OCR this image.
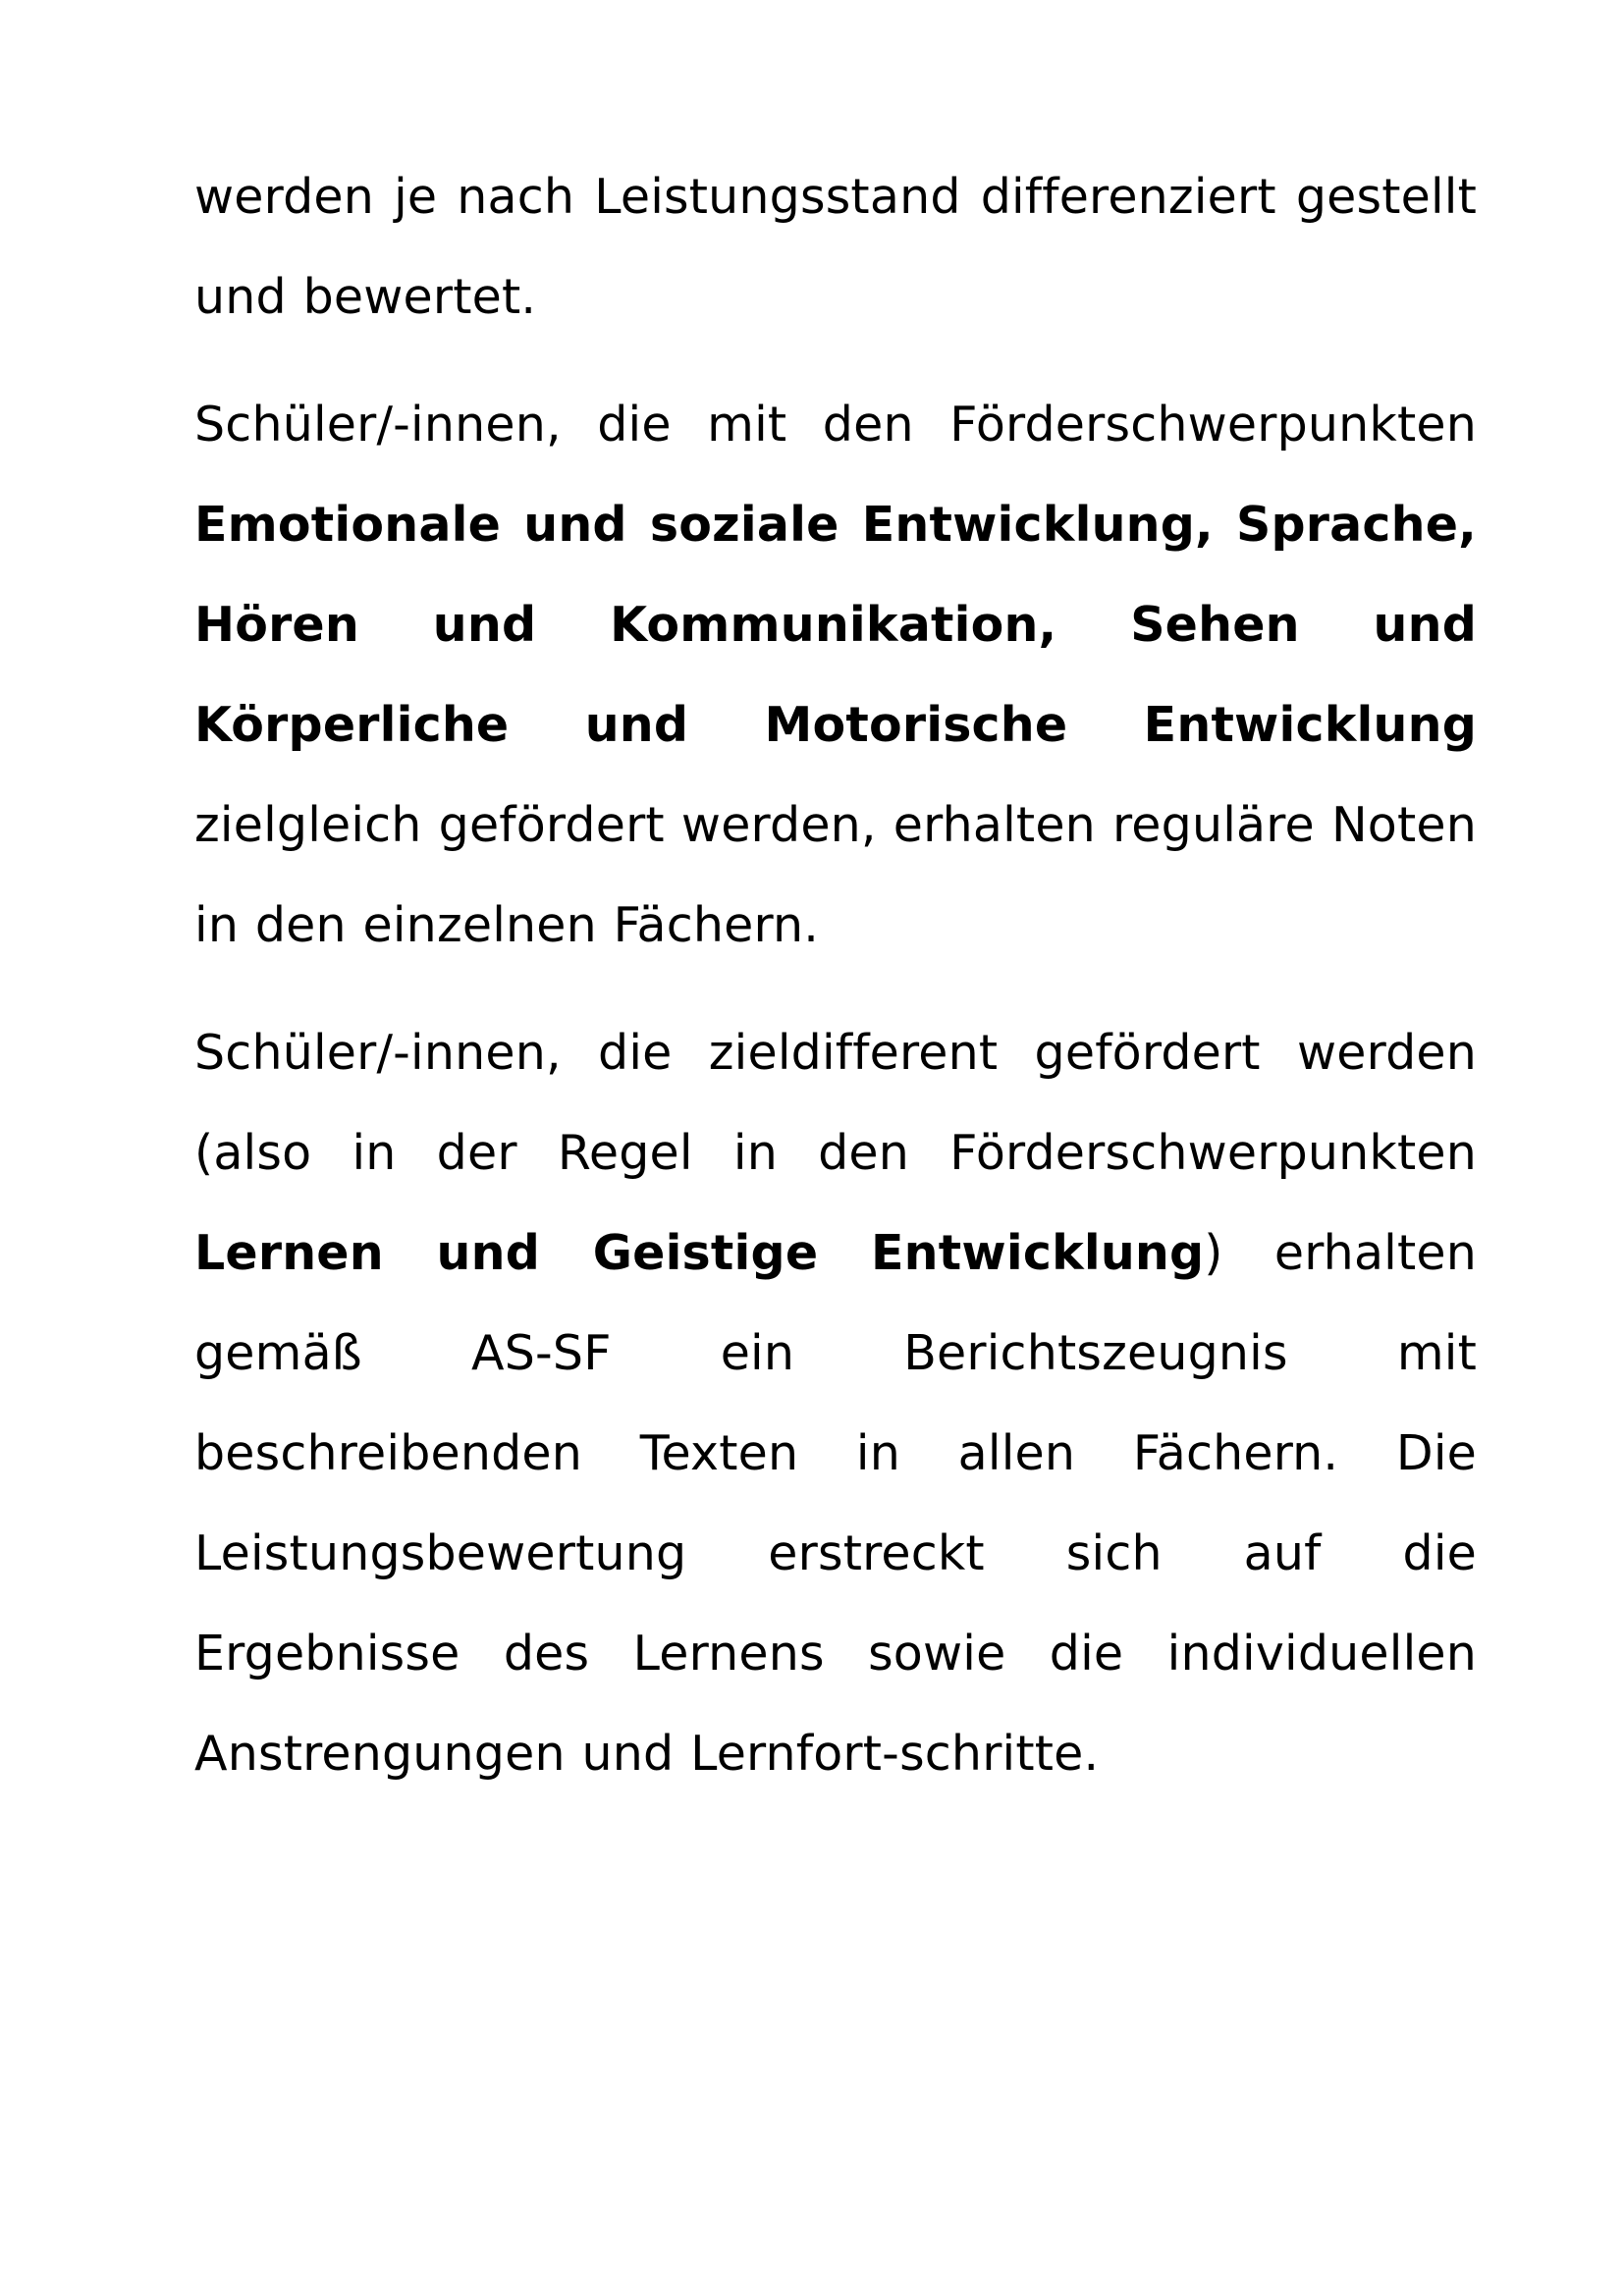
werden je nach Leistungsstand differenziert gestellt und bewertet.

Schüler/-innen, die mit den Förderschwerpunkten Emotionale und soziale Entwicklung, Sprache, Hören und Kommunikation, Sehen und Körperliche und Motorische Entwicklung zielgleich gefördert werden, erhalten reguläre Noten in den einzelnen Fächern.

Schüler/-innen, die zieldifferent gefördert werden (also in der Regel in den Förderschwerpunkten Lernen und Geistige Entwicklung) erhalten gemäß AS-SF ein Berichtszeugnis mit beschreibenden Texten in allen Fächern. Die Leistungsbewertung erstreckt sich auf die Ergebnisse des Lernens sowie die individuellen Anstrengungen und Lernfort-schritte.
